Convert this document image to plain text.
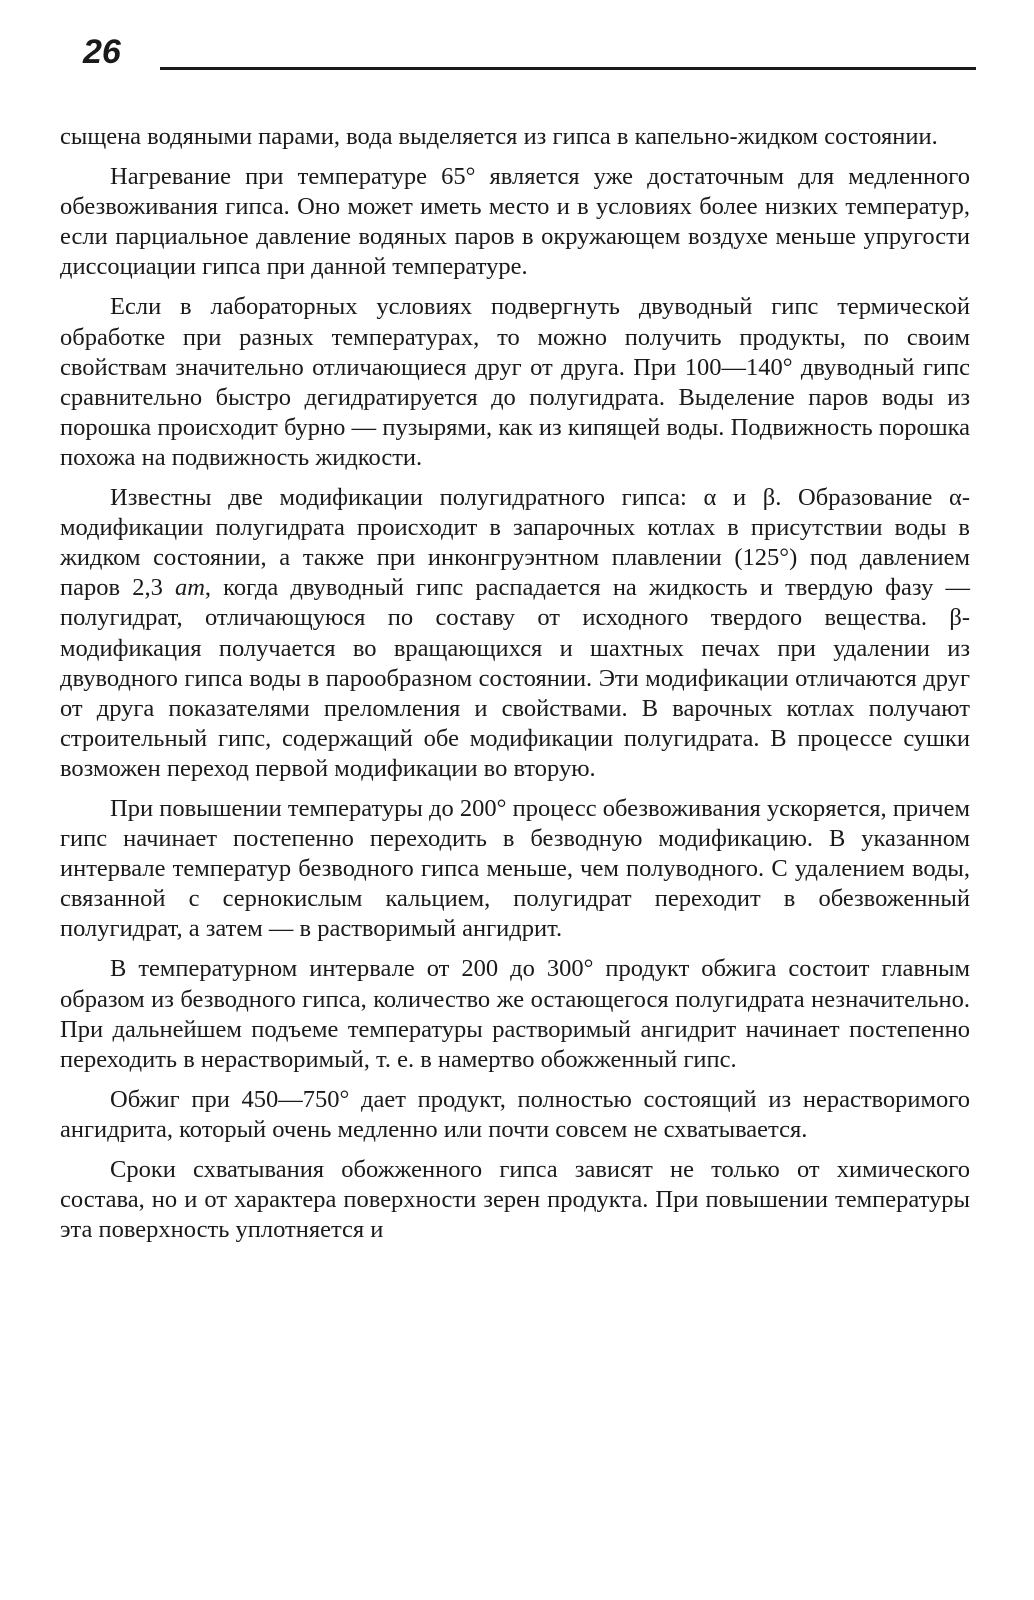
26

сыщена водяными парами, вода выделяется из гипса в капельно-жидком состоянии.

Нагревание при температуре 65° является уже достаточным для медленного обезвоживания гипса. Оно может иметь место и в условиях более низких температур, если парциальное давление водяных паров в окружающем воздухе меньше упругости диссоциации гипса при данной температуре.

Если в лабораторных условиях подвергнуть двуводный гипс термической обработке при разных температурах, то можно получить продукты, по своим свойствам значительно отличающиеся друг от друга. При 100—140° двуводный гипс сравнительно быстро дегидратируется до полугидрата. Выделение паров воды из порошка происходит бурно — пузырями, как из кипящей воды. Подвижность порошка похожа на подвижность жидкости.

Известны две модификации полугидратного гипса: α и β. Образование α-модификации полугидрата происходит в запарочных котлах в присутствии воды в жидком состоянии, а также при инконгруэнтном плавлении (125°) под давлением паров 2,3 ат, когда двуводный гипс распадается на жидкость и твердую фазу — полугидрат, отличающуюся по составу от исходного твердого вещества. β-модификация получается во вращающихся и шахтных печах при удалении из двуводного гипса воды в парообразном состоянии. Эти модификации отличаются друг от друга показателями преломления и свойствами. В варочных котлах получают строительный гипс, содержащий обе модификации полугидрата. В процессе сушки возможен переход первой модификации во вторую.

При повышении температуры до 200° процесс обезвоживания ускоряется, причем гипс начинает постепенно переходить в безводную модификацию. В указанном интервале температур безводного гипса меньше, чем полуводного. С удалением воды, связанной с сернокислым кальцием, полугидрат переходит в обезвоженный полугидрат, а затем — в растворимый ангидрит.

В температурном интервале от 200 до 300° продукт обжига состоит главным образом из безводного гипса, количество же остающегося полугидрата незначительно. При дальнейшем подъеме температуры растворимый ангидрит начинает постепенно переходить в нерастворимый, т. е. в намертво обожженный гипс.

Обжиг при 450—750° дает продукт, полностью состоящий из нерастворимого ангидрита, который очень медленно или почти совсем не схватывается.

Сроки схватывания обожженного гипса зависят не только от химического состава, но и от характера поверхности зерен продукта. При повышении температуры эта поверхность уплотняется и
